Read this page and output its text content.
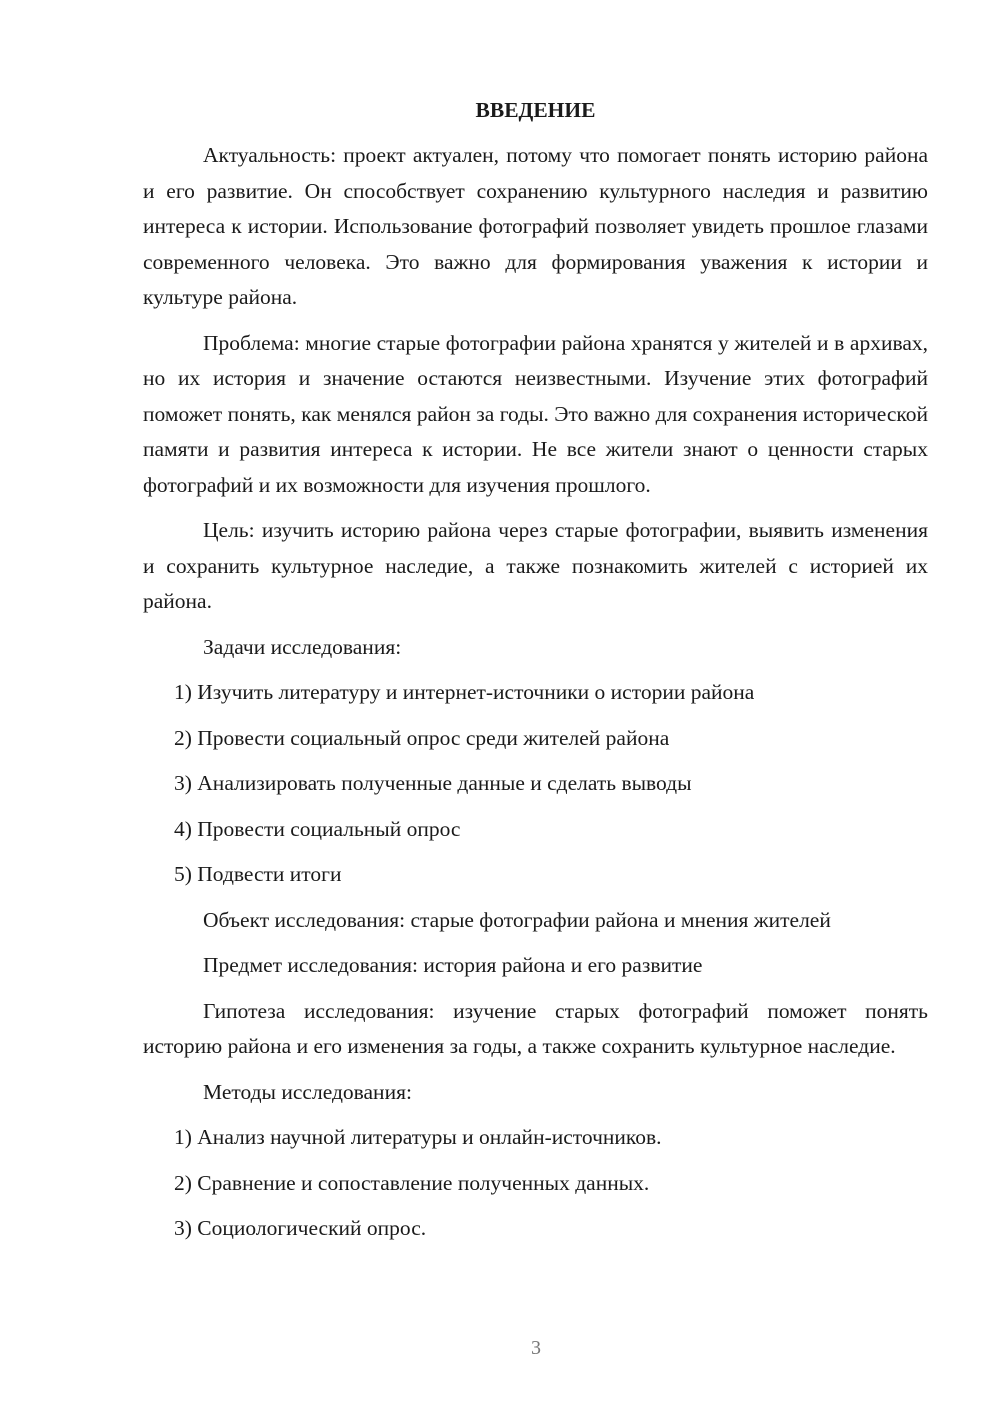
ВВЕДЕНИЕ

Актуальность: проект актуален, потому что помогает понять историю района и его развитие. Он способствует сохранению культурного наследия и развитию интереса к истории. Использование фотографий позволяет увидеть прошлое глазами современного человека. Это важно для формирования уважения к истории и культуре района.

Проблема: многие старые фотографии района хранятся у жителей и в архивах, но их история и значение остаются неизвестными. Изучение этих фотографий поможет понять, как менялся район за годы. Это важно для сохранения исторической памяти и развития интереса к истории. Не все жители знают о ценности старых фотографий и их возможности для изучения прошлого.

Цель: изучить историю района через старые фотографии, выявить изменения и сохранить культурное наследие, а также познакомить жителей с историей их района.

Задачи исследования:

1) Изучить литературу и интернет-источники о истории района
2) Провести социальный опрос среди жителей района
3) Анализировать полученные данные и сделать выводы
4) Провести социальный опрос
5) Подвести итоги

Объект исследования: старые фотографии района и мнения жителей

Предмет исследования: история района и его развитие

Гипотеза исследования: изучение старых фотографий поможет понять историю района и его изменения за годы, а также сохранить культурное наследие.

Методы исследования:

1) Анализ научной литературы и онлайн-источников.
2) Сравнение и сопоставление полученных данных.
3) Социологический опрос.
3
